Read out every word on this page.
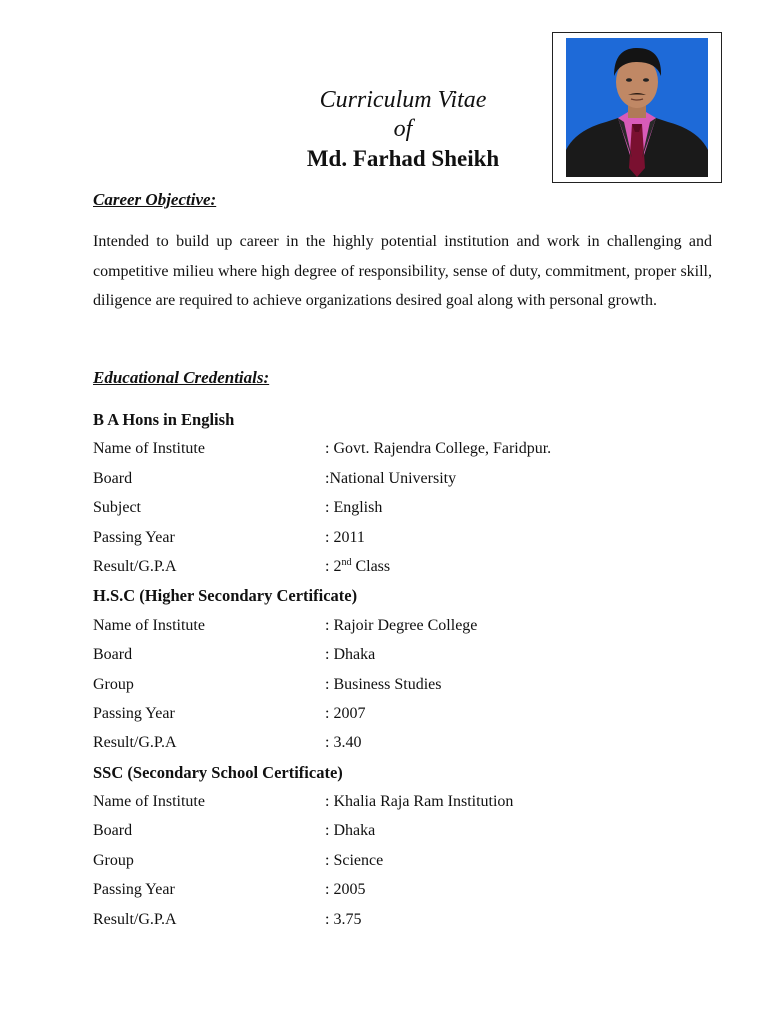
Curriculum Vitae
of
Md. Farhad Sheikh
Career Objective:
Intended to build up career in the highly potential institution and work in challenging and competitive milieu where high degree of responsibility, sense of duty, commitment, proper skill, diligence are required to achieve organizations desired goal along with personal growth.
Educational Credentials:
B A Hons in English
Name of Institute	: Govt. Rajendra College, Faridpur.
Board	:National University
Subject	: English
Passing Year	: 2011
Result/G.P.A	: 2nd Class
H.S.C (Higher Secondary Certificate)
Name of Institute	: Rajoir Degree College
Board	: Dhaka
Group	: Business Studies
Passing Year	: 2007
Result/G.P.A	: 3.40
SSC (Secondary School Certificate)
Name of Institute	: Khalia Raja Ram Institution
Board	: Dhaka
Group	: Science
Passing Year	: 2005
Result/G.P.A	: 3.75
